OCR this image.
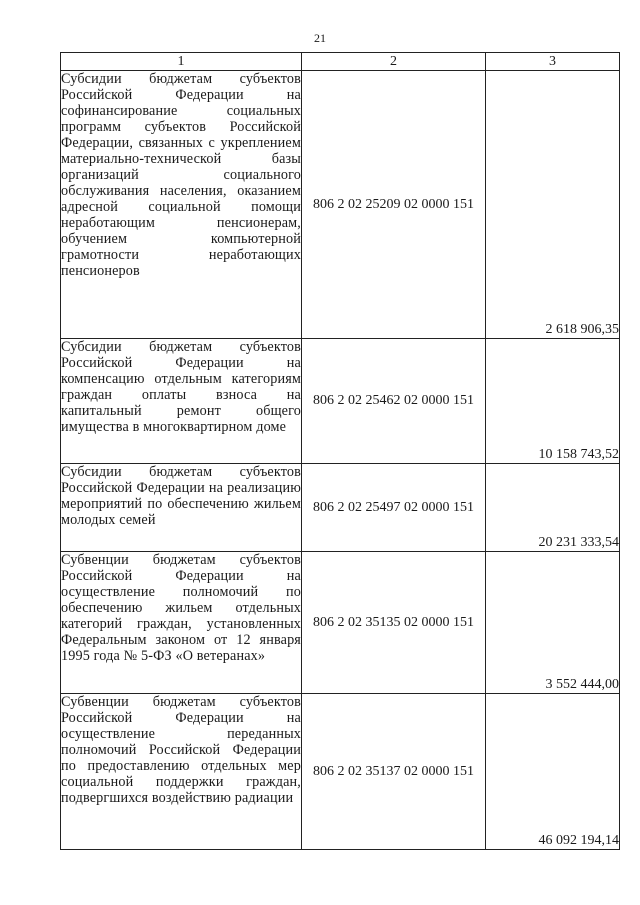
21
1	2	3
Субсидии бюджетам субъектов Российской Федерации на софинансирование социальных программ субъектов Российской Федерации, связанных с укреплением материально-технической базы организаций социального обслуживания населения, оказанием адресной социальной помощи неработающим пенсионерам, обучением компьютерной грамотности неработающих пенсионеров	806 2 02 25209 02 0000 151	2 618 906,35
Субсидии бюджетам субъектов Российской Федерации на компенсацию отдельным категориям граждан оплаты взноса на капитальный ремонт общего имущества в многоквартирном доме	806 2 02 25462 02 0000 151	10 158 743,52
Субсидии бюджетам субъектов Российской Федерации на реализацию мероприятий по обеспечению жильем молодых семей	806 2 02 25497 02 0000 151	20 231 333,54
Субвенции бюджетам субъектов Российской Федерации на осуществление полномочий по обеспечению жильем отдельных категорий граждан, установленных Федеральным законом от 12 января 1995 года № 5-ФЗ «О ветеранах»	806 2 02 35135 02 0000 151	3 552 444,00
Субвенции бюджетам субъектов Российской Федерации на осуществление переданных полномочий Российской Федерации по предоставлению отдельных мер социальной поддержки граждан, подвергшихся воздействию радиации	806 2 02 35137 02 0000 151	46 092 194,14
